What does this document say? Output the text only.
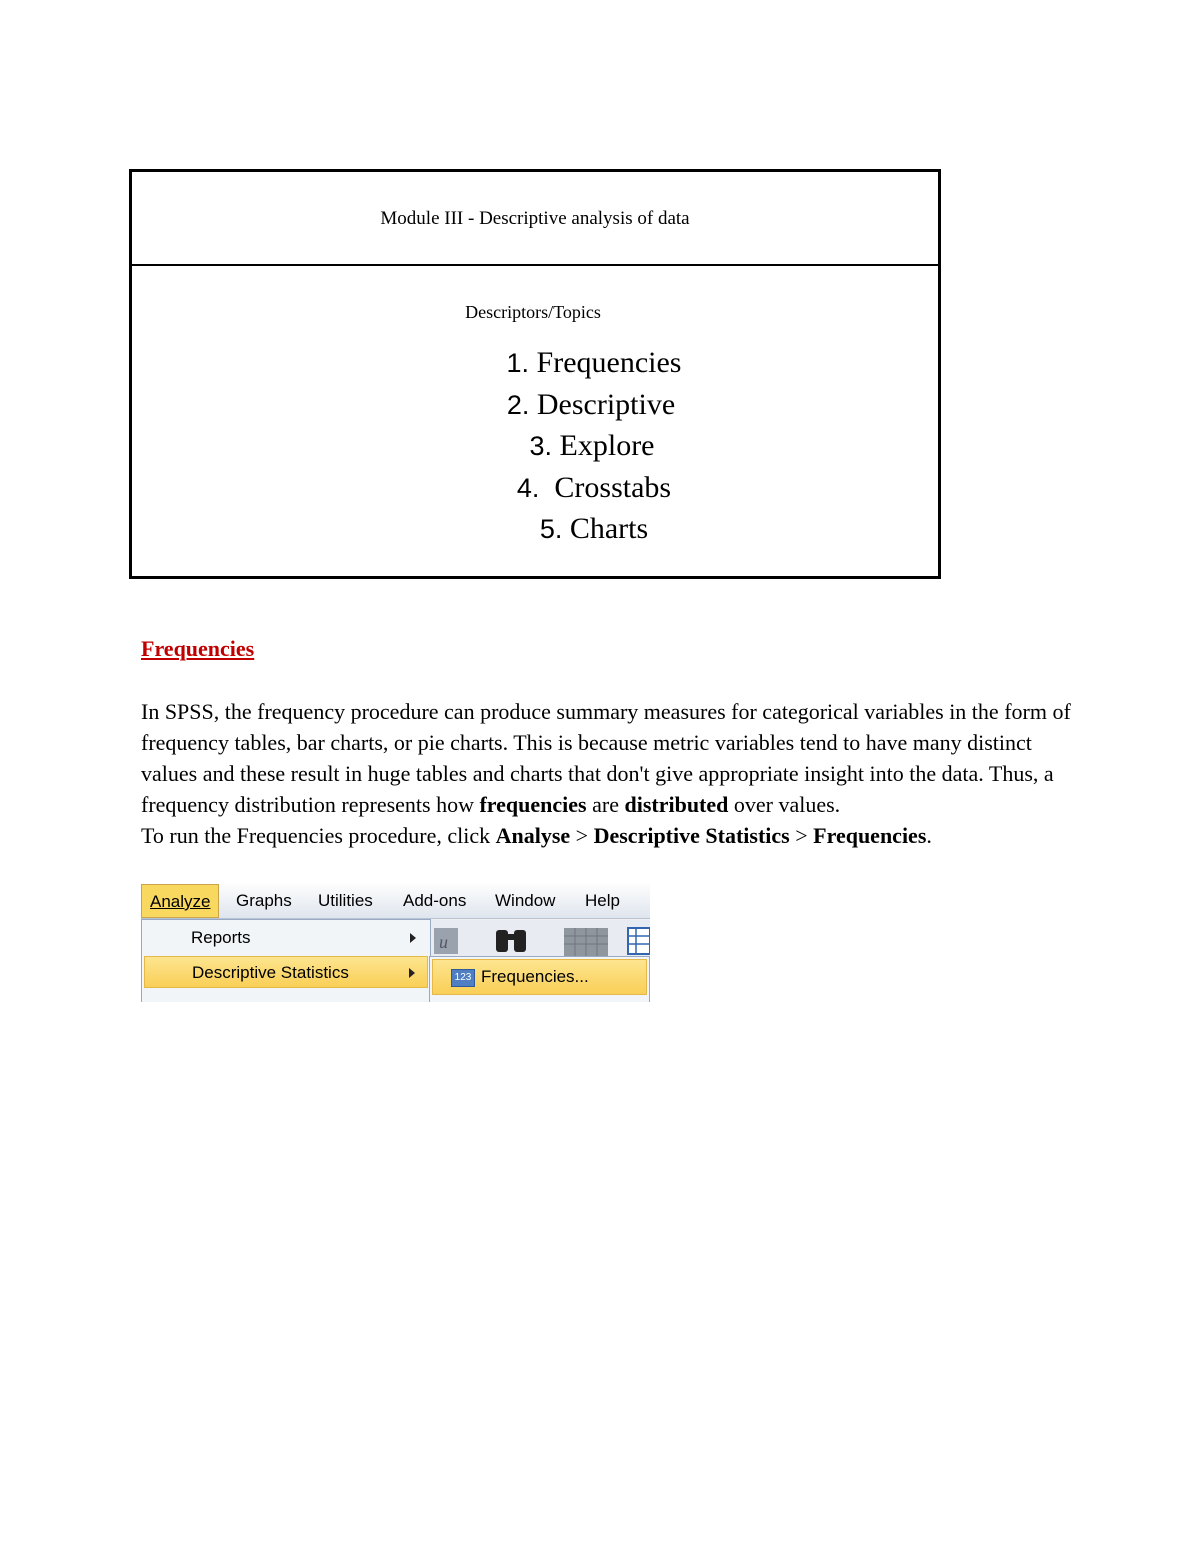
Module III - Descriptive analysis of data
Descriptors/Topics
1. Frequencies
2. Descriptive
3. Explore
4.  Crosstabs
5. Charts
Frequencies

In SPSS, the frequency procedure can produce summary measures for categorical variables in the form of frequency tables, bar charts, or pie charts. This is because metric variables tend to have many distinct values and these result in huge tables and charts that don't give appropriate insight into the data. Thus, a frequency distribution represents how frequencies are distributed over values.

To run the Frequencies procedure, click Analyse > Descriptive Statistics > Frequencies.

Analyze	Graphs Utilities Add-ons Window Help
u
Reports
Descriptive Statistics	123 Frequencies...
